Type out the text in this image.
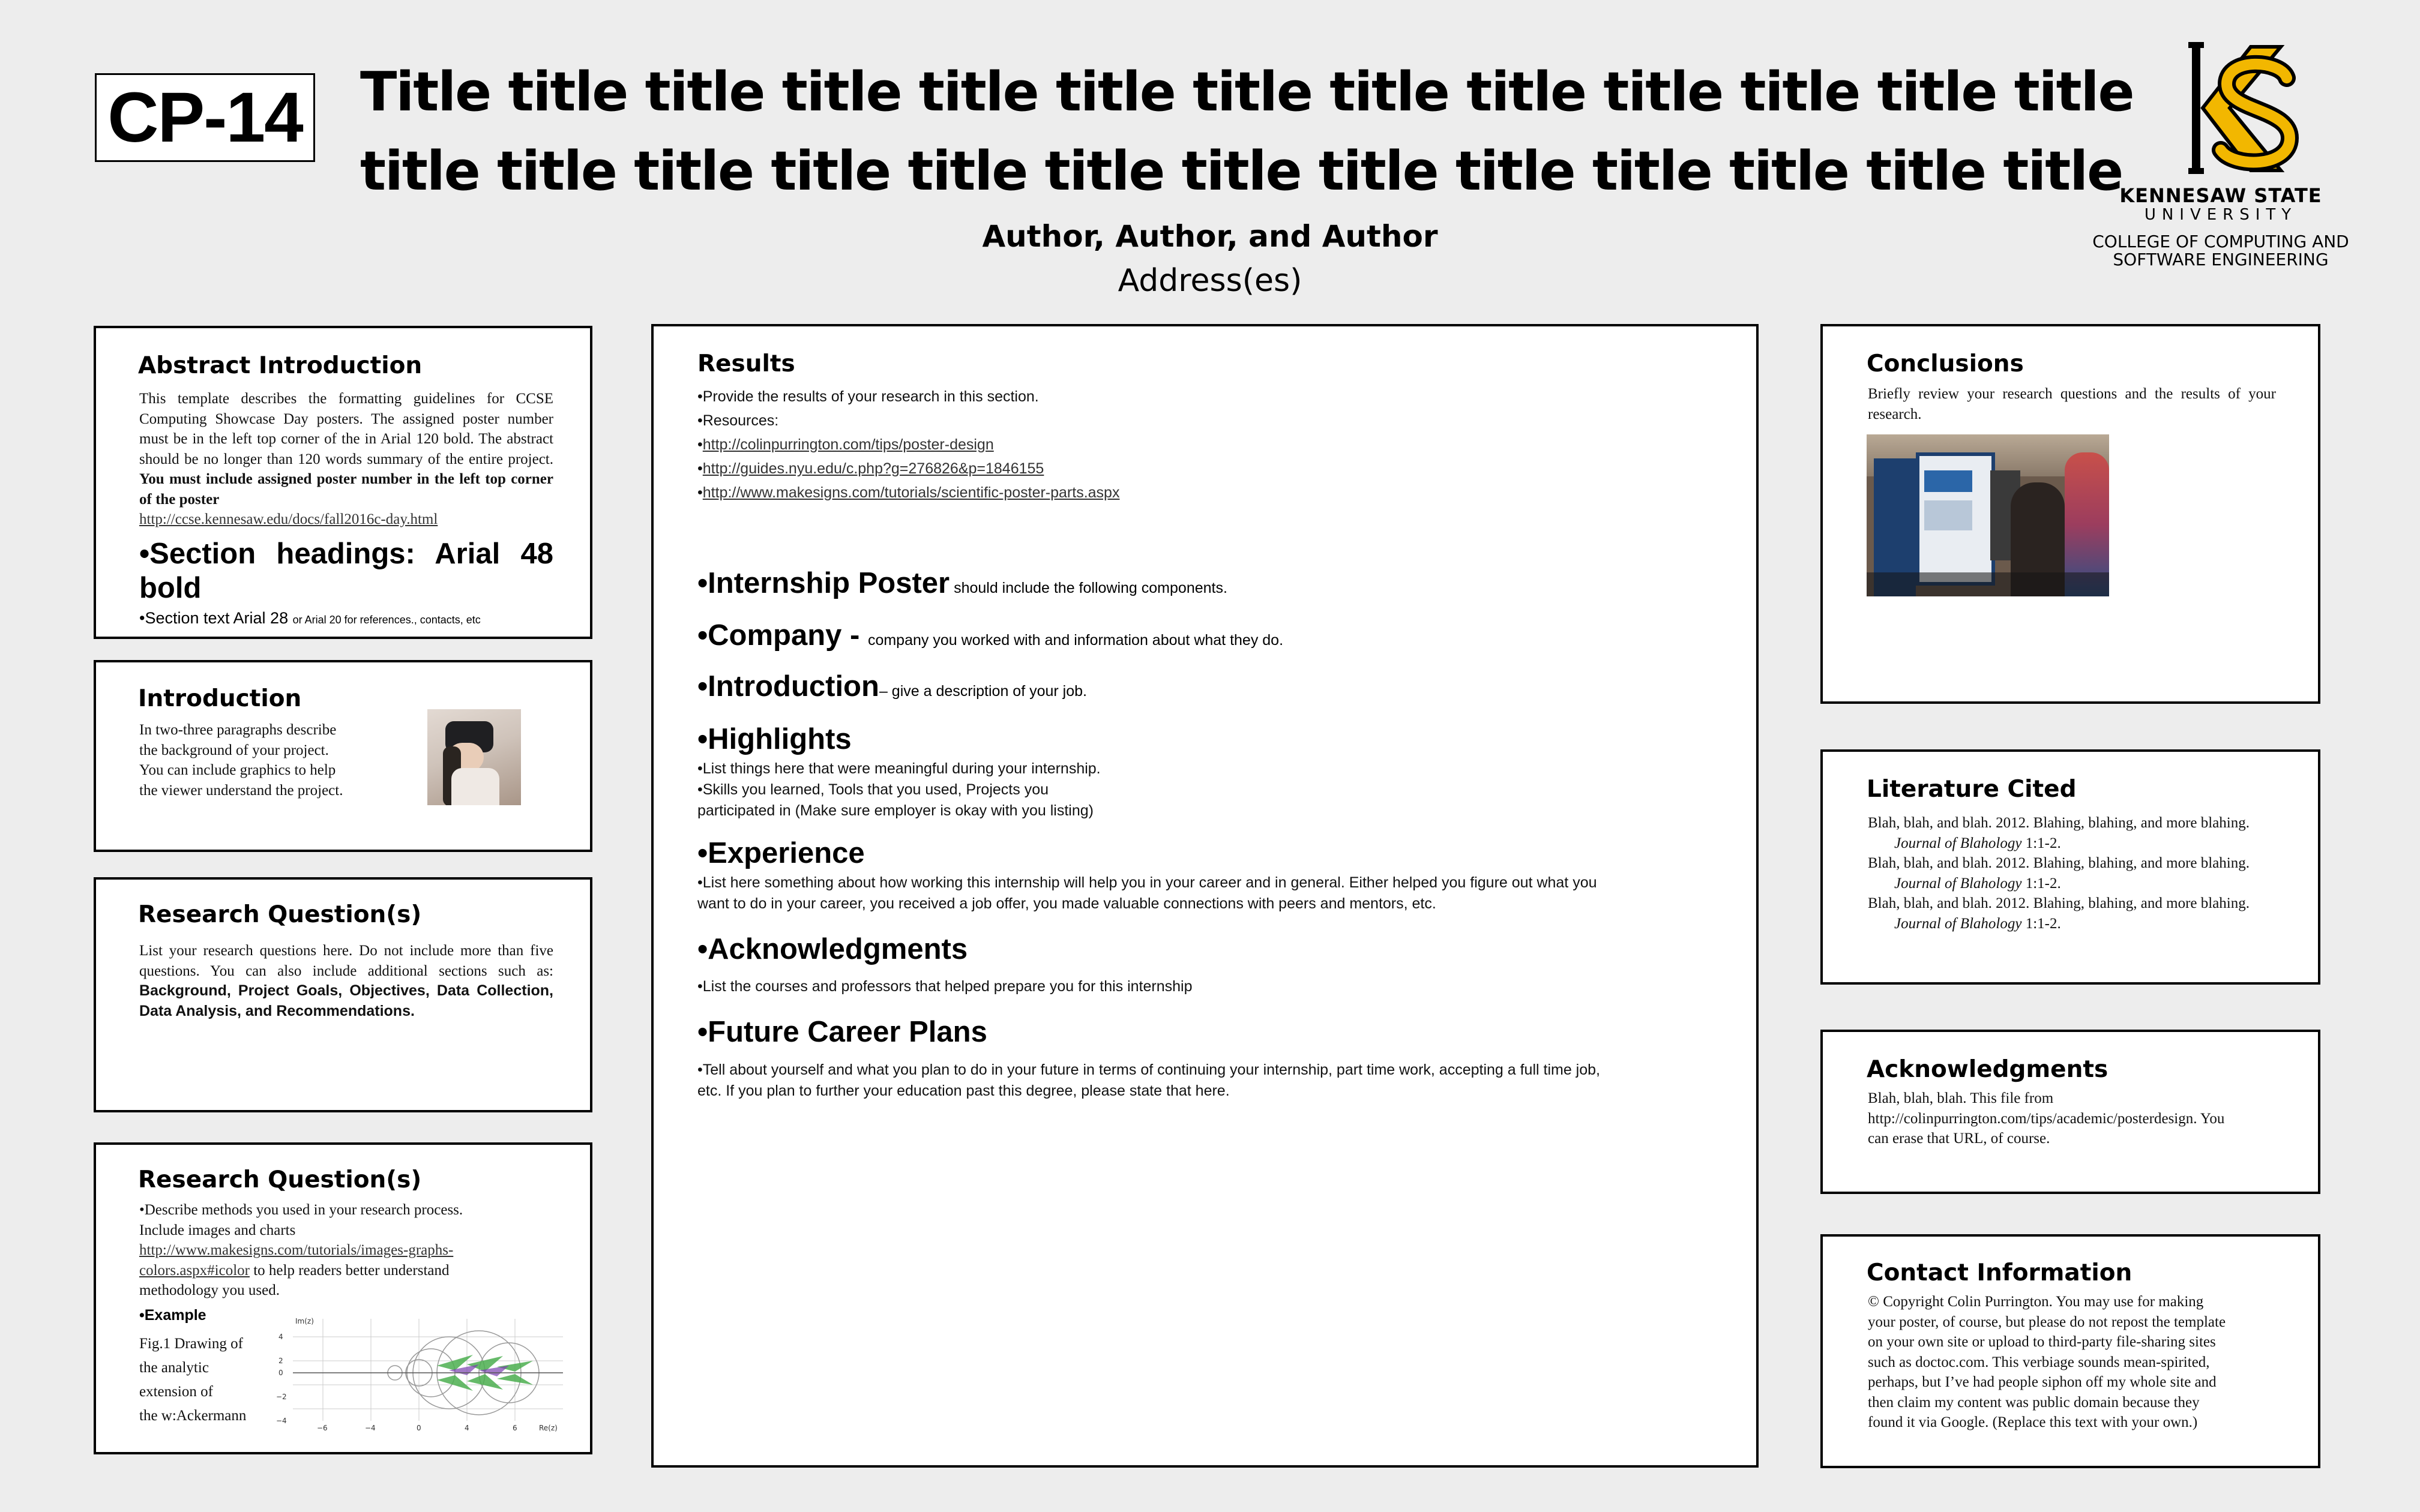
CP-14 Title title title title title title title title title title title title title
title title title title title title title title title title title title title
Author, Author, and Author
Address(es)
KENNESAW STATE
UNIVERSITY
COLLEGE OF COMPUTING AND
SOFTWARE ENGINEERING
Abstract Introduction
This template describes the formatting guidelines for CCSE Computing Showcase Day posters. The assigned poster number must be in the left top corner of the in Arial 120 bold. The abstract should be no longer than 120 words summary of the entire project. You must include assigned poster number in the left top corner of the poster
http://ccse.kennesaw.edu/docs/fall2016c-day.html
•Section headings: Arial 48 bold
•Section text Arial 28 or Arial 20 for references., contacts, etc
Introduction
In two-three paragraphs describe
the background of your project.
You can include graphics to help
the viewer understand the project.
Research Question(s)
List your research questions here. Do not include more than five questions. You can also include additional sections such as: Background, Project Goals, Objectives, Data Collection, Data Analysis, and Recommendations.
Research Question(s)
•Describe methods you used in your research process.
Include images and charts
http://www.makesigns.com/tutorials/images-graphs-
colors.aspx#icolor to help readers better understand
methodology you used.
•Example
Fig.1 Drawing of
the analytic
extension of
the w:Ackermann
Im(z)
4
2
0
−2
−4
−6	−4	0	4	6	Re(z)
Results
•Provide the results of your research in this section.
•Resources:
•http://colinpurrington.com/tips/poster-design
•http://guides.nyu.edu/c.php?g=276826&p=1846155
•http://www.makesigns.com/tutorials/scientific-poster-parts.aspx
•Internship Poster should include the following components.
•Company - company you worked with and information about what they do.
•Introduction– give a description of your job.
•Highlights
•List things here that were meaningful during your internship.
•Skills you learned, Tools that you used, Projects you
participated in (Make sure employer is okay with you listing)
•Experience
•List here something about how working this internship will help you in your career and in general. Either helped you figure out what you
want to do in your career, you received a job offer, you made valuable connections with peers and mentors, etc.
•Acknowledgments
•List the courses and professors that helped prepare you for this internship
•Future Career Plans
•Tell about yourself and what you plan to do in your future in terms of continuing your internship, part time work, accepting a full time job,
etc. If you plan to further your education past this degree, please state that here.
Conclusions
Briefly review your research questions and the results of your research.
Literature Cited
Blah, blah, and blah. 2012. Blahing, blahing, and more blahing. Journal of Blahology 1:1-2.
Blah, blah, and blah. 2012. Blahing, blahing, and more blahing. Journal of Blahology 1:1-2.
Blah, blah, and blah. 2012. Blahing, blahing, and more blahing. Journal of Blahology 1:1-2.
Acknowledgments
Blah, blah, blah. This file from
http://colinpurrington.com/tips/academic/posterdesign. You
can erase that URL, of course.
Contact Information
© Copyright Colin Purrington. You may use for making
your poster, of course, but please do not repost the template
on your own site or upload to third-party file-sharing sites
such as doctoc.com. This verbiage sounds mean-spirited,
perhaps, but I’ve had people siphon off my whole site and
then claim my content was public domain because they
found it via Google. (Replace this text with your own.)
